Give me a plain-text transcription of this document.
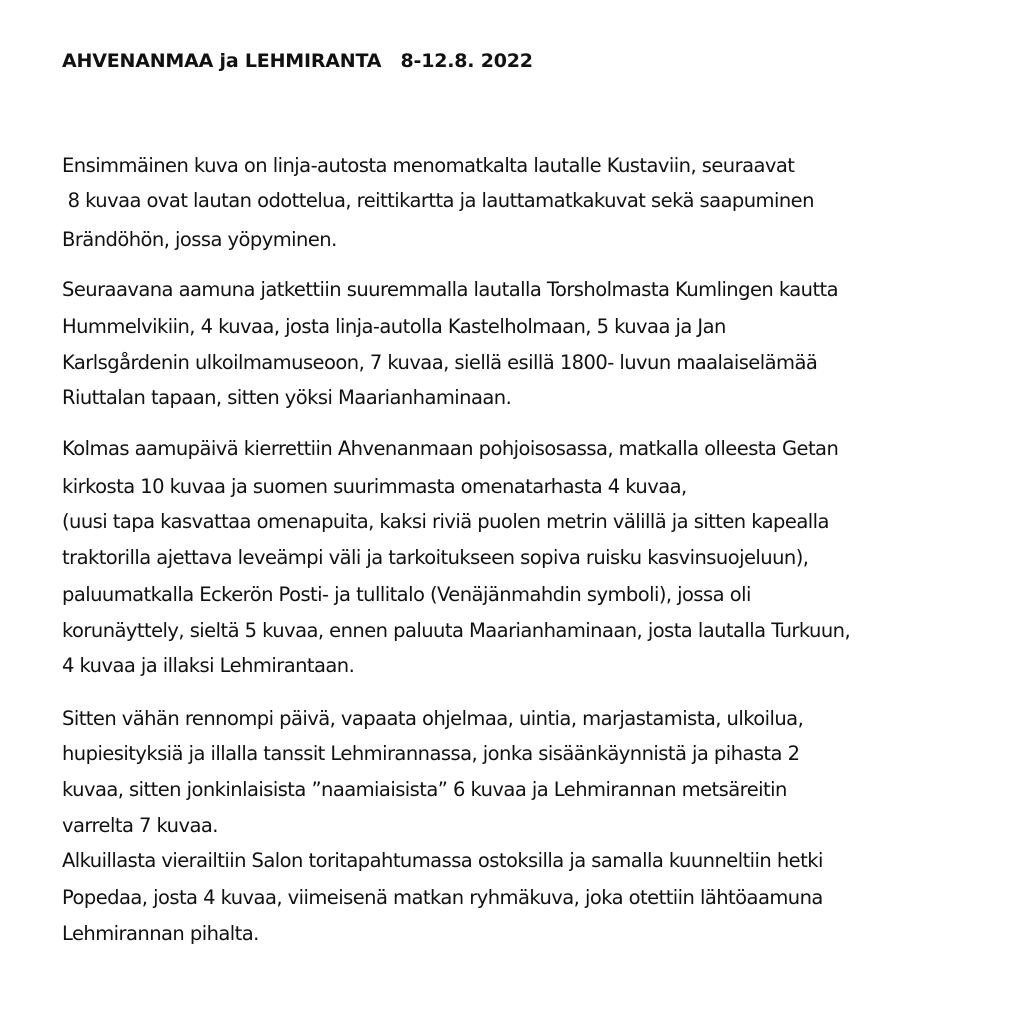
AHVENANMAA ja LEHMIRANTA   8-12.8. 2022
Ensimmäinen kuva on linja-autosta menomatkalta lautalle Kustaviin, seuraavat
8 kuvaa ovat lautan odottelua, reittikartta ja lauttamatkakuvat sekä saapuminen
Brändöhön, jossa yöpyminen.
Seuraavana aamuna jatkettiin suuremmalla lautalla Torsholmasta Kumlingen kautta
Hummelvikiin, 4 kuvaa, josta linja-autolla Kastelholmaan, 5 kuvaa ja Jan
Karlsgårdenin ulkoilmamuseoon, 7 kuvaa, siellä esillä 1800- luvun maalaiselämää
Riuttalan tapaan, sitten yöksi Maarianhaminaan.
Kolmas aamupäivä kierrettiin Ahvenanmaan pohjoisosassa, matkalla olleesta Getan
kirkosta 10 kuvaa ja suomen suurimmasta omenatarhasta 4 kuvaa,
(uusi tapa kasvattaa omenapuita, kaksi riviä puolen metrin välillä ja sitten kapealla
traktorilla ajettava leveämpi väli ja tarkoitukseen sopiva ruisku kasvinsuojeluun),
paluumatkalla Eckerön Posti- ja tullitalo (Venäjänmahdin symboli), jossa oli
korunäyttely, sieltä 5 kuvaa, ennen paluuta Maarianhaminaan, josta lautalla Turkuun,
4 kuvaa ja illaksi Lehmirantaan.
Sitten vähän rennompi päivä, vapaata ohjelmaa, uintia, marjastamista, ulkoilua,
hupiesityksiä ja illalla tanssit Lehmirannassa, jonka sisäänkäynnistä ja pihasta 2
kuvaa, sitten jonkinlaisista ”naamiaisista” 6 kuvaa ja Lehmirannan metsäreitin
varrelta 7 kuvaa.
Alkuillasta vierailtiin Salon toritapahtumassa ostoksilla ja samalla kuunneltiin hetki
Popedaa, josta 4 kuvaa, viimeisenä matkan ryhmäkuva, joka otettiin lähtöaamuna
Lehmirannan pihalta.
